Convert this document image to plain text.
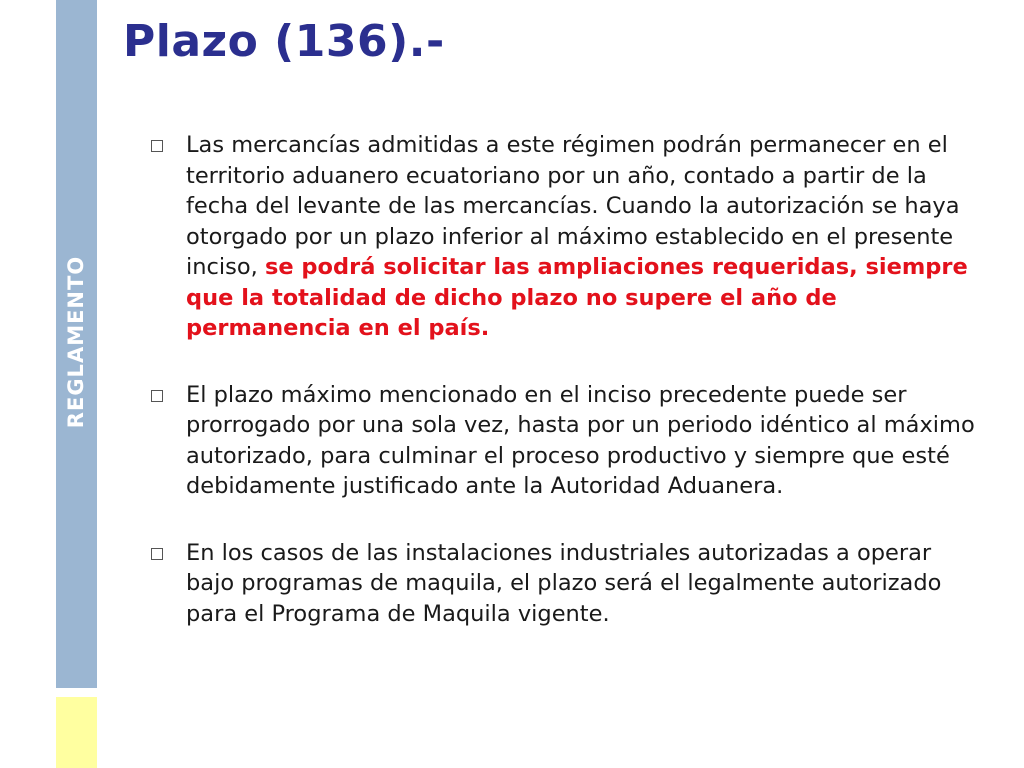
REGLAMENTO
Plazo (136).-
Las mercancías admitidas a este régimen podrán permanecer en el territorio aduanero ecuatoriano por un año, contado a partir de la fecha del levante de las mercancías. Cuando la autorización se haya otorgado por un plazo inferior al máximo establecido en el presente inciso, se podrá solicitar las ampliaciones requeridas, siempre que la totalidad de dicho plazo no supere el año de permanencia en el país.
El plazo máximo mencionado en el inciso precedente puede ser prorrogado por una sola vez, hasta por un periodo idéntico al máximo autorizado, para culminar el proceso productivo y siempre que esté debidamente justificado ante la Autoridad Aduanera.
En los casos de las instalaciones industriales autorizadas a operar bajo programas de maquila, el plazo será el legalmente autorizado para el Programa de Maquila vigente.
